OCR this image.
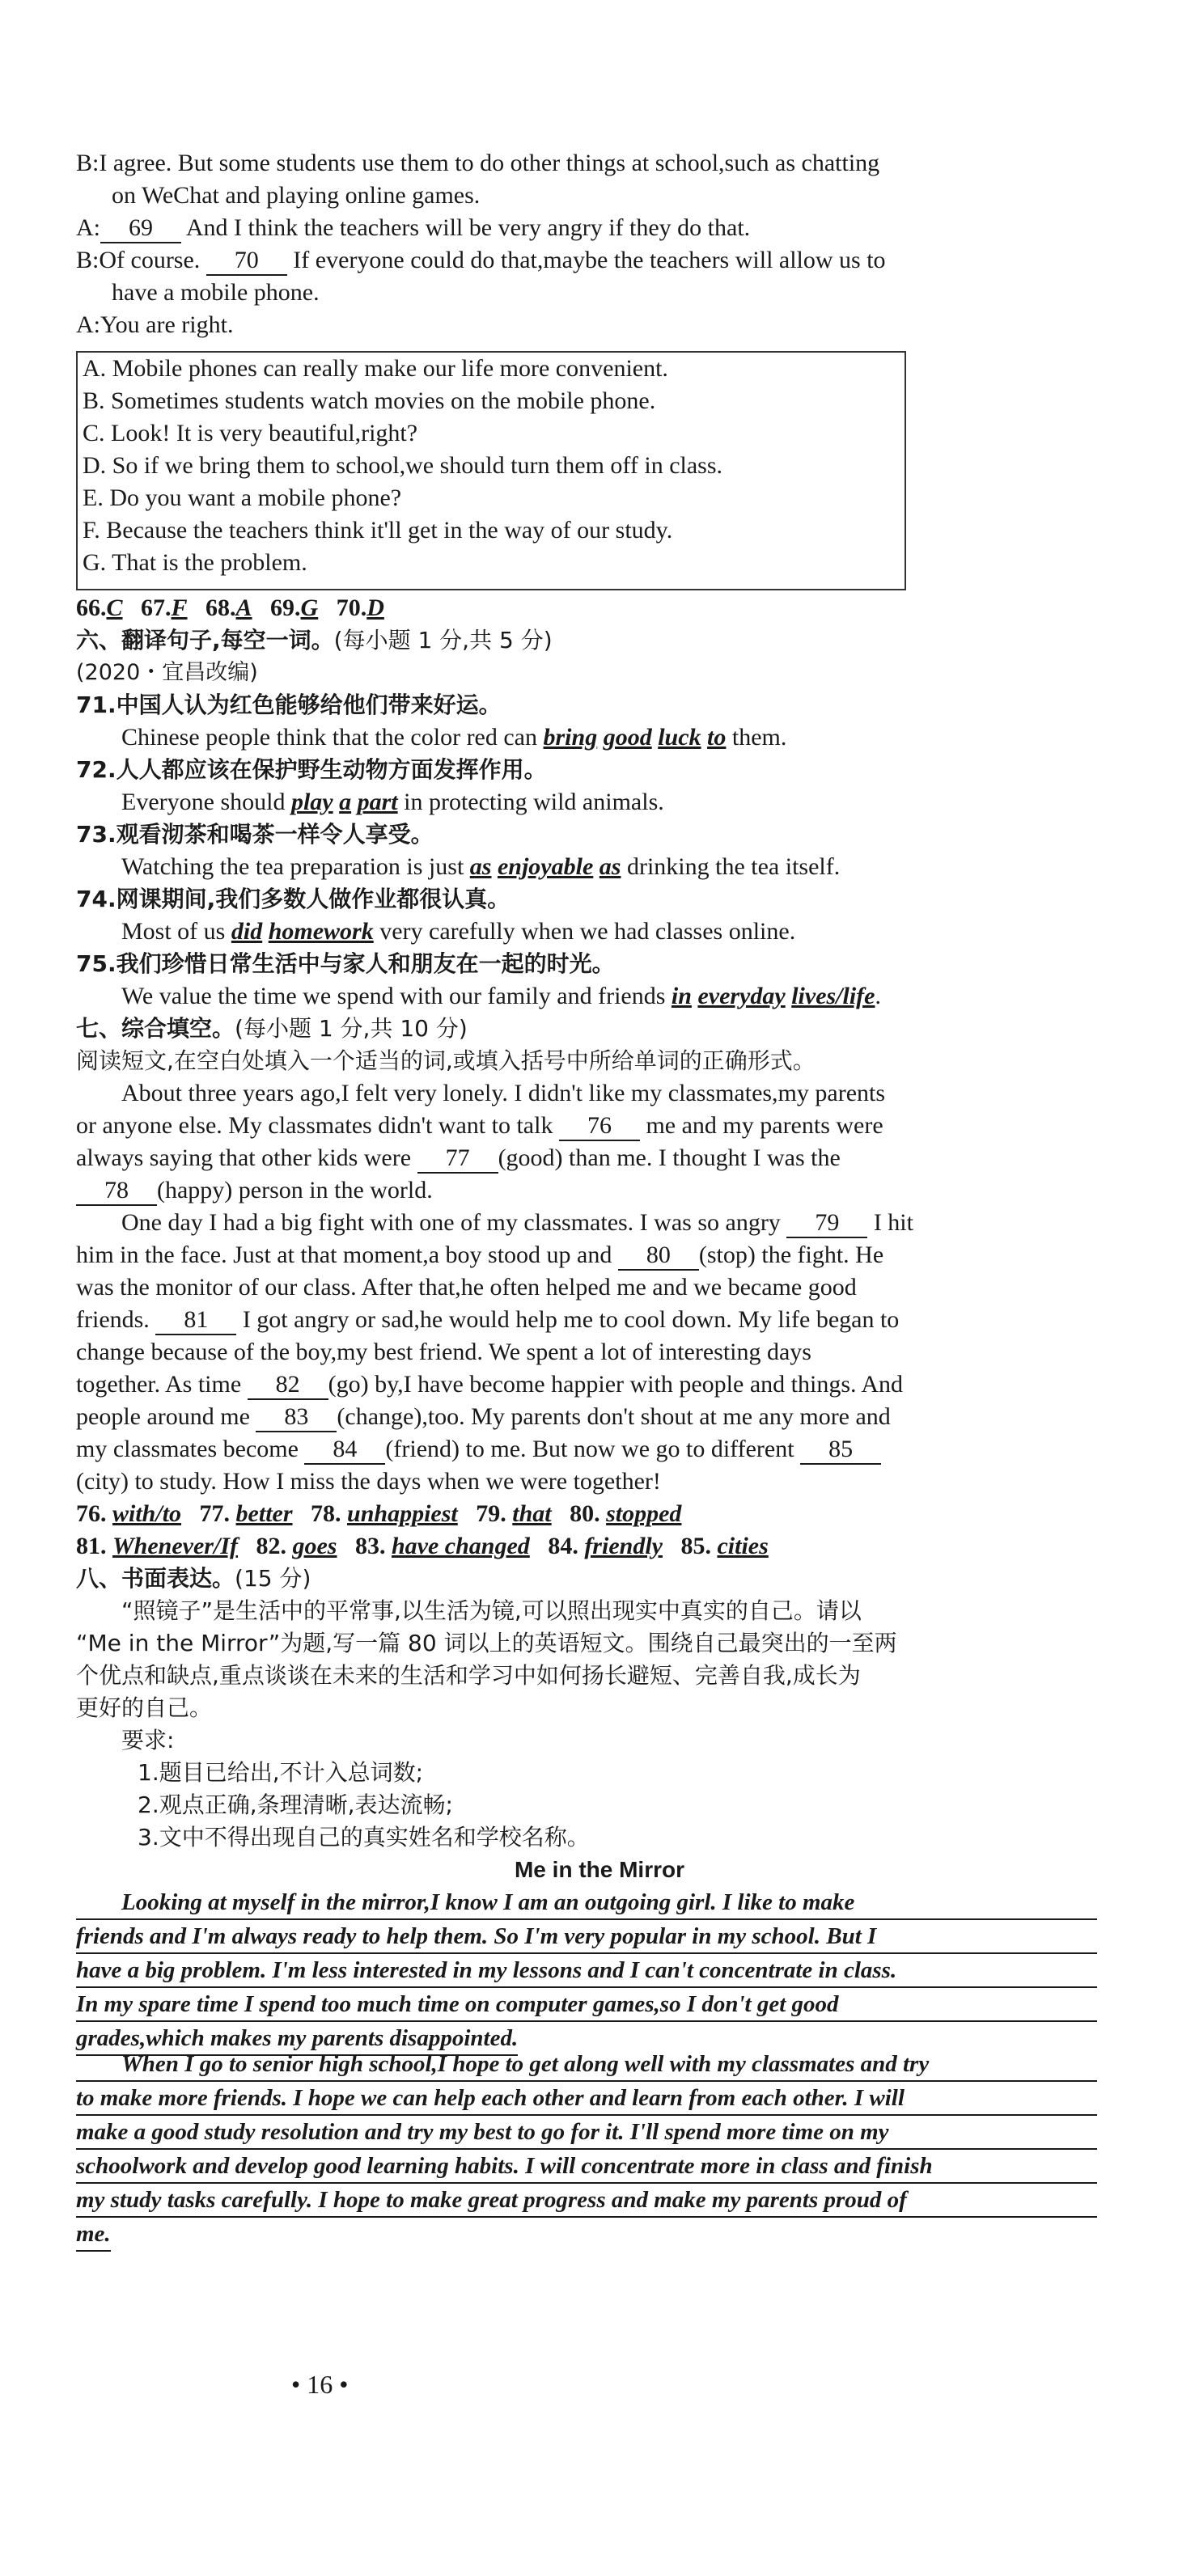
B:I agree. But some students use them to do other things at school,such as chatting
on WeChat and playing online games.
A: 69 And I think the teachers will be very angry if they do that.
B:Of course. 70 If everyone could do that,maybe the teachers will allow us to
have a mobile phone.
A:You are right.
A. Mobile phones can really make our life more convenient.
B. Sometimes students watch movies on the mobile phone.
C. Look! It is very beautiful,right?
D. So if we bring them to school,we should turn them off in class.
E. Do you want a mobile phone?
F. Because the teachers think it'll get in the way of our study.
G. That is the problem.
66.C 67.F 68.A 69.G 70.D
六、翻译句子,每空一词。(每小题 1 分,共 5 分)
(2020・宜昌改编)
71.中国人认为红色能够给他们带来好运。
Chinese people think that the color red can bring good luck to them.
72.人人都应该在保护野生动物方面发挥作用。
Everyone should play a part in protecting wild animals.
73.观看沏茶和喝茶一样令人享受。
Watching the tea preparation is just as enjoyable as drinking the tea itself.
74.网课期间,我们多数人做作业都很认真。
Most of us did homework very carefully when we had classes online.
75.我们珍惜日常生活中与家人和朋友在一起的时光。
We value the time we spend with our family and friends in everyday lives/life.
七、综合填空。(每小题 1 分,共 10 分)
阅读短文,在空白处填入一个适当的词,或填入括号中所给单词的正确形式。
About three years ago,I felt very lonely. I didn't like my classmates,my parents
or anyone else. My classmates didn't want to talk 76 me and my parents were
always saying that other kids were 77 (good) than me. I thought I was the
78 (happy) person in the world.
One day I had a big fight with one of my classmates. I was so angry 79 I hit
him in the face. Just at that moment,a boy stood up and 80 (stop) the fight. He
was the monitor of our class. After that,he often helped me and we became good
friends. 81 I got angry or sad,he would help me to cool down. My life began to
change because of the boy,my best friend. We spent a lot of interesting days
together. As time 82 (go) by,I have become happier with people and things. And
people around me 83 (change),too. My parents don't shout at me any more and
my classmates become 84 (friend) to me. But now we go to different 85
(city) to study. How I miss the days when we were together!
76. with/to 77. better 78. unhappiest 79. that 80. stopped
81. Whenever/If 82. goes 83. have changed 84. friendly 85. cities
八、书面表达。(15 分)
“照镜子”是生活中的平常事,以生活为镜,可以照出现实中真实的自己。请以
“Me in the Mirror”为题,写一篇 80 词以上的英语短文。围绕自己最突出的一至两
个优点和缺点,重点谈谈在未来的生活和学习中如何扬长避短、完善自我,成长为
更好的自己。
要求:
1.题目已给出,不计入总词数;
2.观点正确,条理清晰,表达流畅;
3.文中不得出现自己的真实姓名和学校名称。
Me in the Mirror
Looking at myself in the mirror,I know I am an outgoing girl. I like to make
friends and I'm always ready to help them. So I'm very popular in my school. But I
have a big problem. I'm less interested in my lessons and I can't concentrate in class.
In my spare time I spend too much time on computer games,so I don't get good
grades,which makes my parents disappointed.
When I go to senior high school,I hope to get along well with my classmates and try
to make more friends. I hope we can help each other and learn from each other. I will
make a good study resolution and try my best to go for it. I'll spend more time on my
schoolwork and develop good learning habits. I will concentrate more in class and finish
my study tasks carefully. I hope to make great progress and make my parents proud of
me.
• 16 •
